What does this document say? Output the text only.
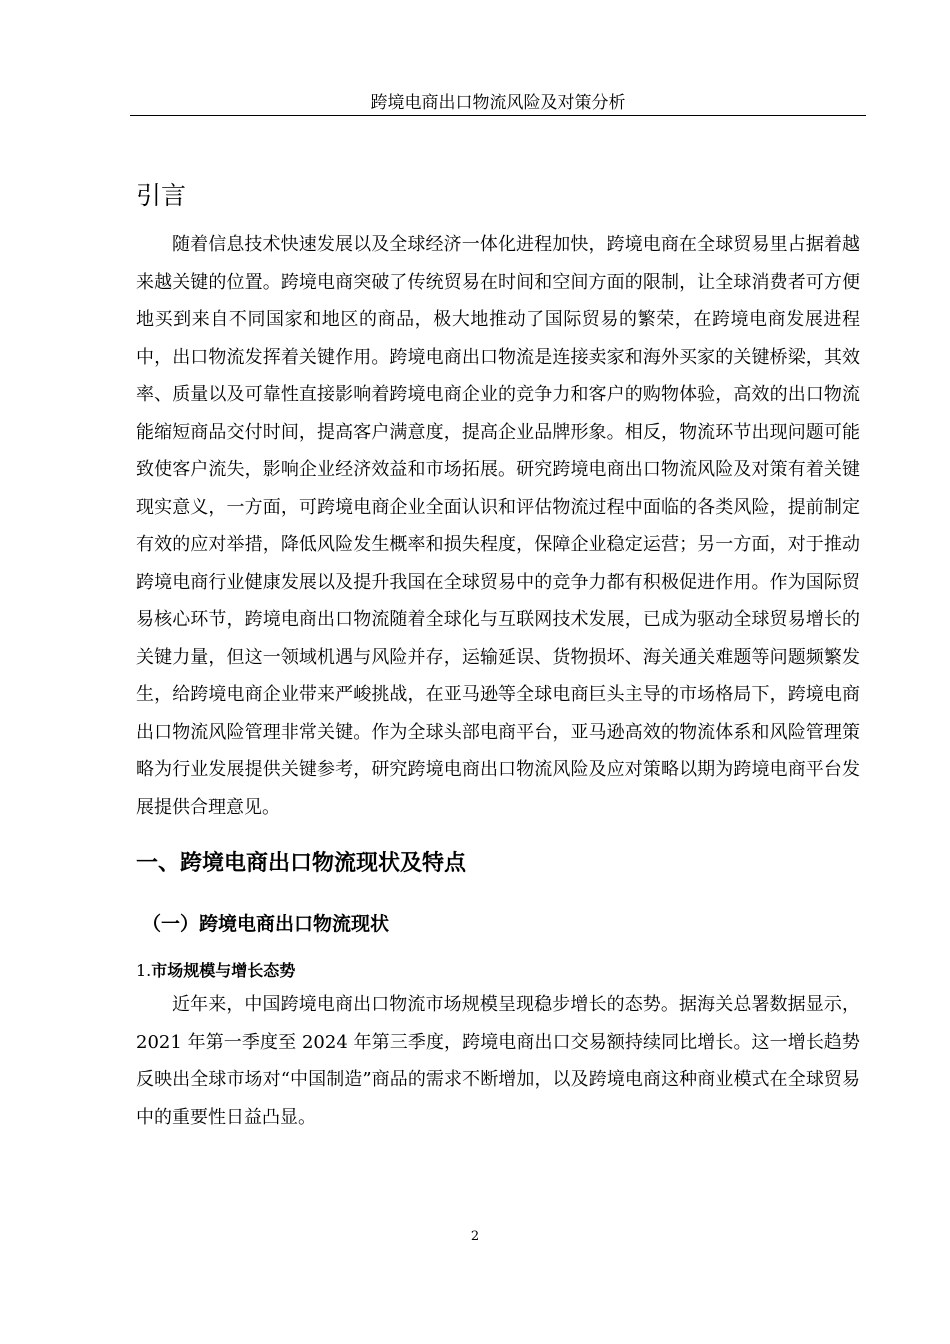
跨境电商出口物流风险及对策分析
引言

随着信息技术快速发展以及全球经济一体化进程加快，跨境电商在全球贸易里占据着越来越关键的位置。跨境电商突破了传统贸易在时间和空间方面的限制，让全球消费者可方便地买到来自不同国家和地区的商品，极大地推动了国际贸易的繁荣，在跨境电商发展进程中，出口物流发挥着关键作用。跨境电商出口物流是连接卖家和海外买家的关键桥梁，其效率、质量以及可靠性直接影响着跨境电商企业的竞争力和客户的购物体验，高效的出口物流能缩短商品交付时间，提高客户满意度，提高企业品牌形象。相反，物流环节出现问题可能致使客户流失，影响企业经济效益和市场拓展。研究跨境电商出口物流风险及对策有着关键现实意义，一方面，可跨境电商企业全面认识和评估物流过程中面临的各类风险，提前制定有效的应对举措，降低风险发生概率和损失程度，保障企业稳定运营；另一方面，对于推动跨境电商行业健康发展以及提升我国在全球贸易中的竞争力都有积极促进作用。作为国际贸易核心环节，跨境电商出口物流随着全球化与互联网技术发展，已成为驱动全球贸易增长的关键力量，但这一领域机遇与风险并存，运输延误、货物损坏、海关通关难题等问题频繁发生，给跨境电商企业带来严峻挑战，在亚马逊等全球电商巨头主导的市场格局下，跨境电商出口物流风险管理非常关键。作为全球头部电商平台，亚马逊高效的物流体系和风险管理策略为行业发展提供关键参考，研究跨境电商出口物流风险及应对策略以期为跨境电商平台发展提供合理意见。

一、跨境电商出口物流现状及特点
（一）跨境电商出口物流现状
1.市场规模与增长态势

近年来，中国跨境电商出口物流市场规模呈现稳步增长的态势。据海关总署数据显示，2021 年第一季度至 2024 年第三季度，跨境电商出口交易额持续同比增长。这一增长趋势反映出全球市场对“中国制造”商品的需求不断增加，以及跨境电商这种商业模式在全球贸易中的重要性日益凸显。

2
